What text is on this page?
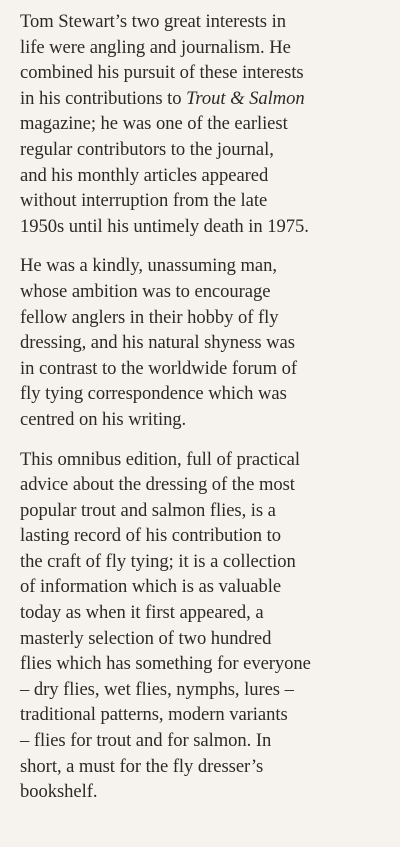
Tom Stewart’s two great interests in
life were angling and journalism. He
combined his pursuit of these interests
in his contributions to Trout & Salmon
magazine; he was one of the earliest
regular contributors to the journal,
and his monthly articles appeared
without interruption from the late
1950s until his untimely death in 1975.

He was a kindly, unassuming man,
whose ambition was to encourage
fellow anglers in their hobby of fly
dressing, and his natural shyness was
in contrast to the worldwide forum of
fly tying correspondence which was
centred on his writing.

This omnibus edition, full of practical
advice about the dressing of the most
popular trout and salmon flies, is a
lasting record of his contribution to
the craft of fly tying; it is a collection
of information which is as valuable
today as when it first appeared, a
masterly selection of two hundred
flies which has something for everyone
– dry flies, wet flies, nymphs, lures –
traditional patterns, modern variants
– flies for trout and for salmon. In
short, a must for the fly dresser’s
bookshelf.
